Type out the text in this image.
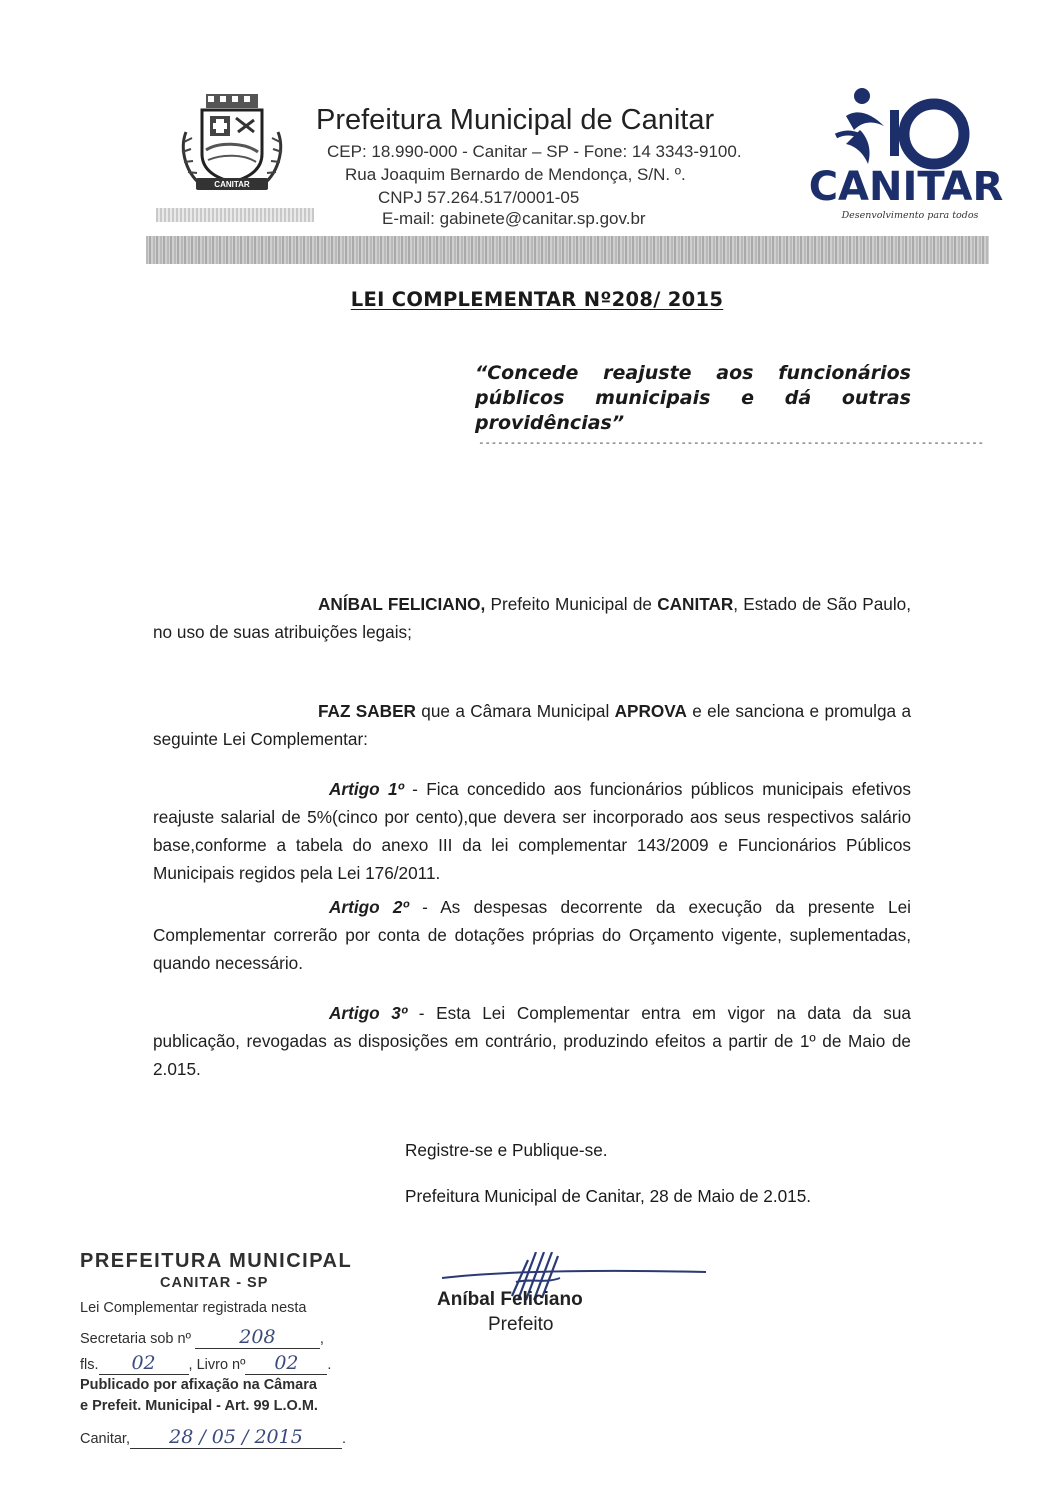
CANITAR
Prefeitura Municipal de Canitar
CEP: 18.990-000 - Canitar – SP - Fone: 14 3343-9100.
Rua Joaquim Bernardo de Mendonça, S/N. º.
CNPJ 57.264.517/0001-05
E-mail: gabinete@canitar.sp.gov.br
CANITAR
Desenvolvimento para todos
LEI COMPLEMENTAR Nº208/ 2015
“Concede reajuste aos funcionários públicos municipais e dá outras providências”
--------------------------------------------------------------------------------
ANÍBAL FELICIANO, Prefeito Municipal de CANITAR, Estado de São Paulo, no uso de suas atribuições legais;
FAZ SABER que a Câmara Municipal APROVA e ele sanciona e promulga a seguinte Lei Complementar:
Artigo 1º - Fica concedido aos funcionários públicos municipais efetivos reajuste salarial de 5%(cinco por cento),que devera ser incorporado aos seus respectivos salário base,conforme a tabela do anexo III da lei complementar 143/2009 e Funcionários Públicos Municipais regidos pela Lei 176/2011.
Artigo 2º - As despesas decorrente da execução da presente Lei Complementar correrão por conta de dotações próprias do Orçamento vigente, suplementadas, quando necessário.
Artigo 3º - Esta Lei Complementar entra em vigor na data da sua publicação, revogadas as disposições em contrário, produzindo efeitos a partir de 1º de Maio de 2.015.
Registre-se e Publique-se.
Prefeitura Municipal de Canitar, 28 de Maio de 2.015.
PREFEITURA MUNICIPAL
CANITAR - SP
Lei Complementar registrada nesta
Secretaria sob nº	208	,
fls. 02 , Livro nº 02 .
Publicado por afixação na Câmara
e Prefeit. Municipal - Art. 99 L.O.M.
Canitar, 28 / 05 / 2015	.
Aníbal Feliciano
Prefeito
